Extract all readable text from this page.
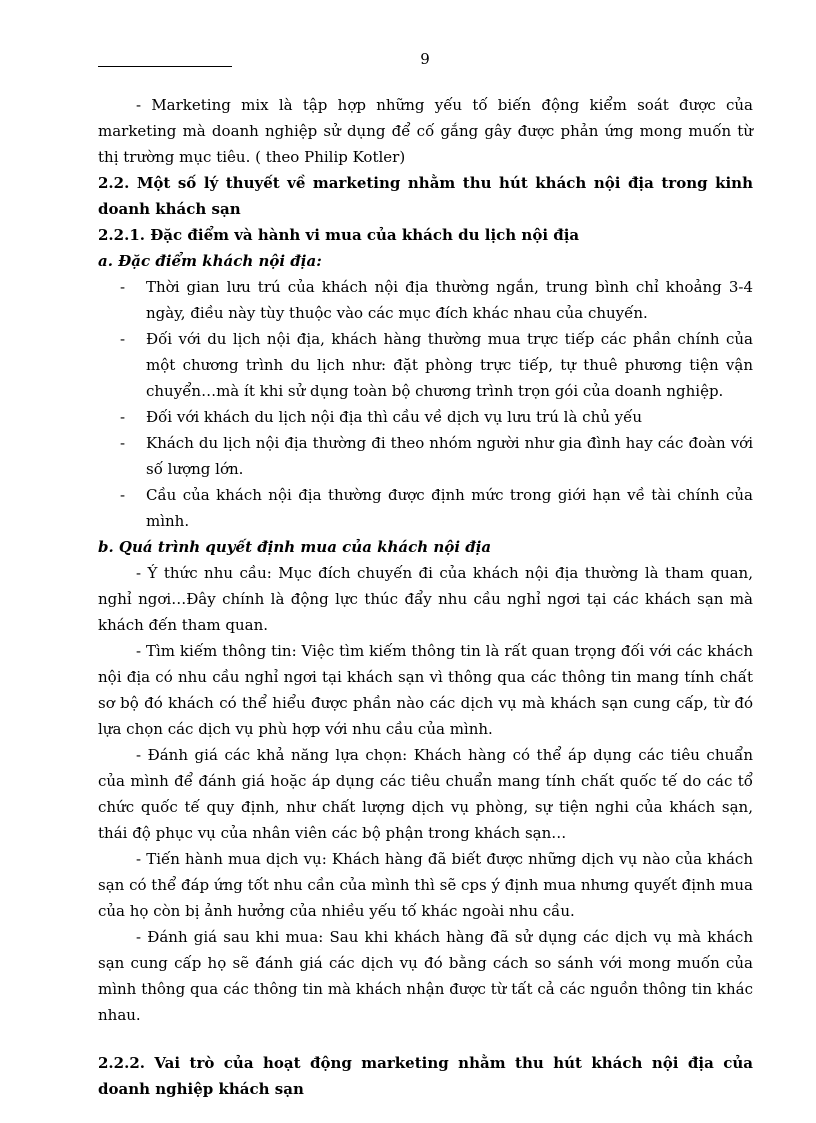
9

- Marketing mix là tập hợp những yếu tố biến động kiểm soát được của marketing mà doanh nghiệp sử dụng để cố gắng gây được phản ứng mong muốn từ thị trường mục tiêu. ( theo Philip Kotler)

2.2. Một số lý thuyết về marketing nhằm thu hút khách nội địa trong kinh doanh khách sạn

2.2.1. Đặc điểm và hành vi mua của khách du lịch nội địa

a. Đặc điểm khách nội địa:

- Thời gian lưu trú của khách nội địa thường ngắn, trung bình chỉ khoảng 3-4 ngày, điều này tùy thuộc vào các mục đích khác nhau của chuyến.
- Đối với du lịch nội địa, khách hàng thường mua trực tiếp các phần chính của một chương trình du lịch như: đặt phòng trực tiếp, tự thuê phương tiện vận chuyển…mà ít khi sử dụng toàn bộ chương trình trọn gói của doanh nghiệp.
- Đối với khách du lịch nội địa thì cầu về dịch vụ lưu trú là chủ yếu
- Khách du lịch nội địa thường đi theo nhóm người như gia đình hay các đoàn với số lượng lớn.
- Cầu của khách nội địa thường được định mức trong giới hạn về tài chính của mình.

b. Quá trình quyết định mua của khách nội địa

- Ý thức nhu cầu: Mục đích chuyến đi của khách nội địa thường là tham quan, nghỉ ngơi…Đây chính là động lực thúc đẩy nhu cầu nghỉ ngơi tại các khách sạn mà khách đến tham quan.

- Tìm kiếm thông tin: Việc tìm kiếm thông tin là rất quan trọng đối với các khách nội địa có nhu cầu nghỉ ngơi tại khách sạn vì thông qua các thông tin mang tính chất sơ bộ đó khách có thể hiểu được phần nào các dịch vụ mà khách sạn cung cấp, từ đó lựa chọn các dịch vụ phù hợp với nhu cầu của mình.

- Đánh giá các khả năng lựa chọn: Khách hàng có thể áp dụng các tiêu chuẩn của mình để đánh giá hoặc áp dụng các tiêu chuẩn mang tính chất quốc tế do các tổ chức quốc tế quy định, như chất lượng dịch vụ phòng, sự tiện nghi của khách sạn, thái độ phục vụ của nhân viên các bộ phận trong khách sạn…

- Tiến hành mua dịch vụ: Khách hàng đã biết được những dịch vụ nào của khách sạn có thể đáp ứng tốt nhu cần của mình thì sẽ cps ý định mua nhưng quyết định mua của họ còn bị ảnh hưởng của nhiều yếu tố khác ngoài nhu cầu.

- Đánh giá sau khi mua: Sau khi khách hàng đã sử dụng các dịch vụ mà khách sạn cung cấp họ sẽ đánh giá các dịch vụ đó bằng cách so sánh với mong muốn của mình thông qua các thông tin mà khách nhận được từ tất cả các nguồn thông tin khác nhau.

2.2.2. Vai trò của hoạt động marketing nhằm thu hút khách nội địa của doanh nghiệp khách sạn
